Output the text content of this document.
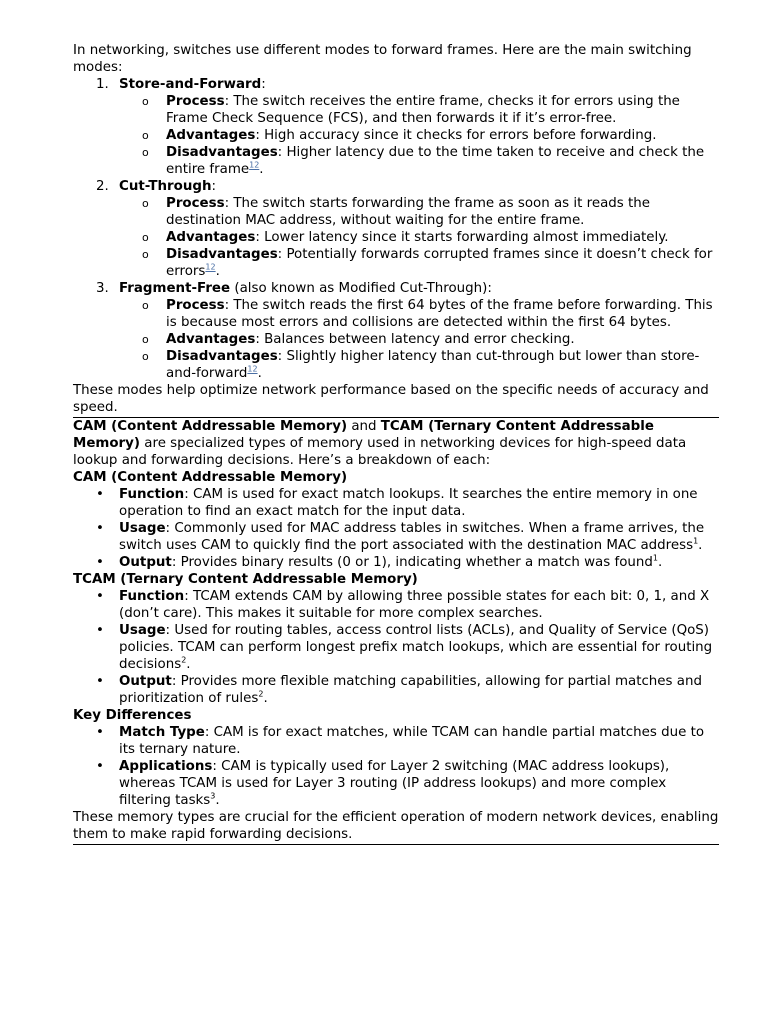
In networking, switches use different modes to forward frames. Here are the main switching modes:

1. Store-and-Forward:
o Process: The switch receives the entire frame, checks it for errors using the Frame Check Sequence (FCS), and then forwards it if it’s error-free.
o Advantages: High accuracy since it checks for errors before forwarding.
o Disadvantages: Higher latency due to the time taken to receive and check the entire frame$^{12}$.
2. Cut-Through:
o Process: The switch starts forwarding the frame as soon as it reads the destination MAC address, without waiting for the entire frame.
o Advantages: Lower latency since it starts forwarding almost immediately.
o Disadvantages: Potentially forwards corrupted frames since it doesn’t check for errors$^{12}$.
3. Fragment-Free (also known as Modified Cut-Through):
o Process: The switch reads the first 64 bytes of the frame before forwarding. This is because most errors and collisions are detected within the first 64 bytes.
o Advantages: Balances between latency and error checking.
o Disadvantages: Slightly higher latency than cut-through but lower than store-and-forward$^{12}$.

These modes help optimize network performance based on the specific needs of accuracy and speed.

CAM (Content Addressable Memory) and TCAM (Ternary Content Addressable Memory) are specialized types of memory used in networking devices for high-speed data lookup and forwarding decisions. Here’s a breakdown of each:

CAM (Content Addressable Memory)

• Function: CAM is used for exact match lookups. It searches the entire memory in one operation to find an exact match for the input data.
• Usage: Commonly used for MAC address tables in switches. When a frame arrives, the switch uses CAM to quickly find the port associated with the destination MAC address$^1$.
• Output: Provides binary results (0 or 1), indicating whether a match was found$^1$.

TCAM (Ternary Content Addressable Memory)

• Function: TCAM extends CAM by allowing three possible states for each bit: 0, 1, and X (don’t care). This makes it suitable for more complex searches.
• Usage: Used for routing tables, access control lists (ACLs), and Quality of Service (QoS) policies. TCAM can perform longest prefix match lookups, which are essential for routing decisions$^2$.
• Output: Provides more flexible matching capabilities, allowing for partial matches and prioritization of rules$^2$.

Key Differences

• Match Type: CAM is for exact matches, while TCAM can handle partial matches due to its ternary nature.
• Applications: CAM is typically used for Layer 2 switching (MAC address lookups), whereas TCAM is used for Layer 3 routing (IP address lookups) and more complex filtering tasks$^3$.

These memory types are crucial for the efficient operation of modern network devices, enabling them to make rapid forwarding decisions.
